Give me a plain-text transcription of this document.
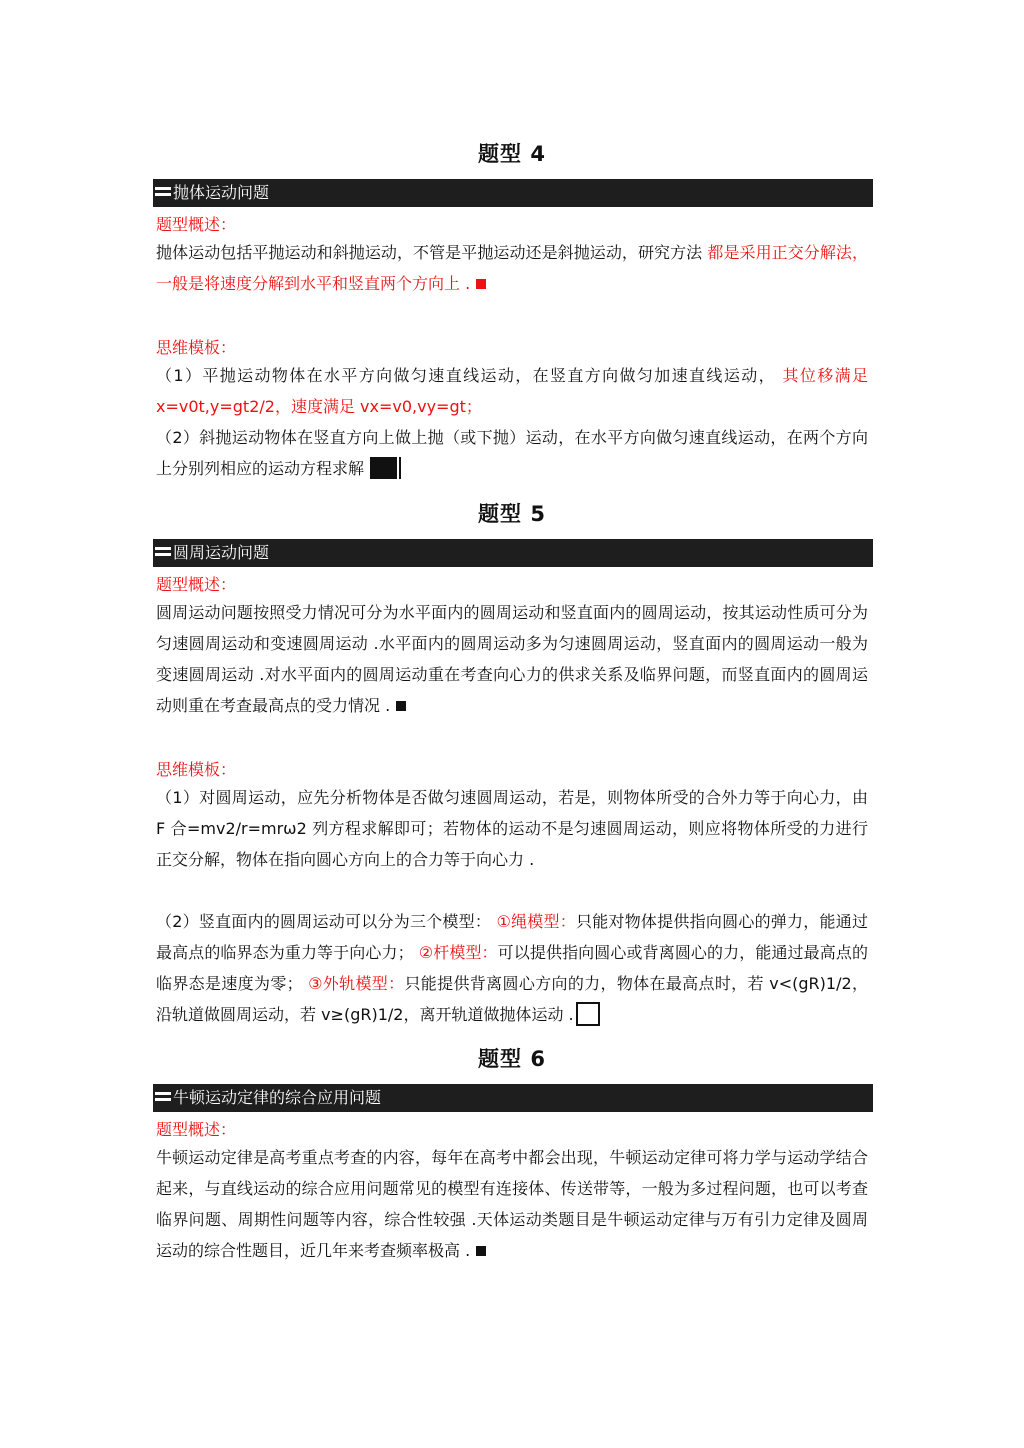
题型 4
抛体运动问题
题型概述：
抛体运动包括平抛运动和斜抛运动，不管是平抛运动还是斜抛运动，研究方法 都是采用正交分解法，一般是将速度分解到水平和竖直两个方向上 .
思维模板：
（1）平抛运动物体在水平方向做匀速直线运动，在竖直方向做匀加速直线运动， 其位移满足 x=v0t,y=gt2/2，速度满足 vx=v0,vy=gt；
（2）斜抛运动物体在竖直方向上做上抛（或下抛）运动，在水平方向做匀速直线运动，在两个方向上分别列相应的运动方程求解
题型 5
圆周运动问题
题型概述：
圆周运动问题按照受力情况可分为水平面内的圆周运动和竖直面内的圆周运动，按其运动性质可分为匀速圆周运动和变速圆周运动 .水平面内的圆周运动多为匀速圆周运动，竖直面内的圆周运动一般为变速圆周运动 .对水平面内的圆周运动重在考查向心力的供求关系及临界问题，而竖直面内的圆周运动则重在考查最高点的受力情况 .
思维模板：
（1）对圆周运动，应先分析物体是否做匀速圆周运动，若是，则物体所受的合外力等于向心力，由 F 合=mv2/r=mrω2 列方程求解即可；若物体的运动不是匀速圆周运动，则应将物体所受的力进行正交分解，物体在指向圆心方向上的合力等于向心力 .
（2）竖直面内的圆周运动可以分为三个模型： ①绳模型：只能对物体提供指向圆心的弹力，能通过最高点的临界态为重力等于向心力； ②杆模型：可以提供指向圆心或背离圆心的力，能通过最高点的临界态是速度为零； ③外轨模型：只能提供背离圆心方向的力，物体在最高点时，若 v<(gR)1/2，沿轨道做圆周运动，若 v≥(gR)1/2，离开轨道做抛体运动 .
题型 6
牛顿运动定律的综合应用问题
题型概述：
牛顿运动定律是高考重点考查的内容，每年在高考中都会出现，牛顿运动定律可将力学与运动学结合起来，与直线运动的综合应用问题常见的模型有连接体、传送带等，一般为多过程问题，也可以考查临界问题、周期性问题等内容，综合性较强 .天体运动类题目是牛顿运动定律与万有引力定律及圆周运动的综合性题目，近几年来考查频率极高 .
